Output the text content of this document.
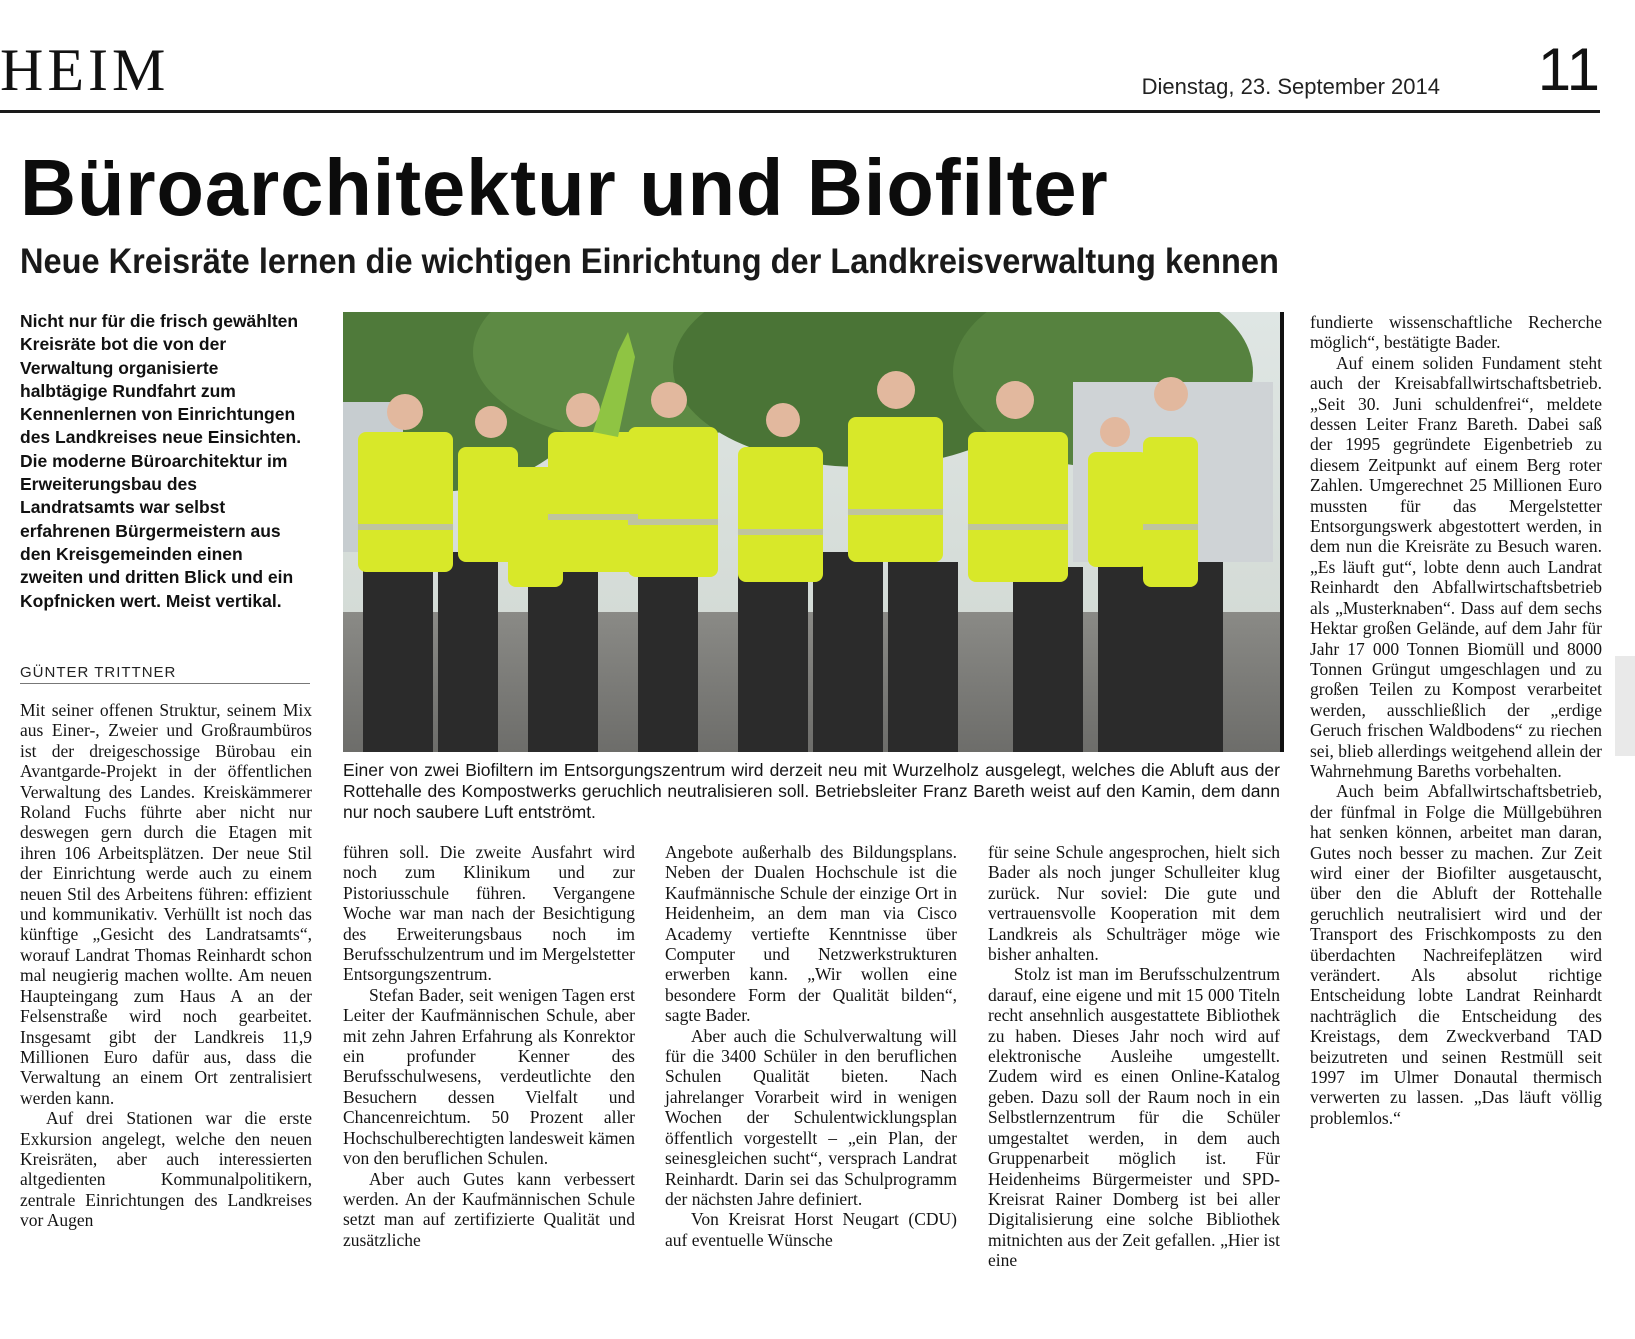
HEIM	Dienstag, 23. September 2014 11
Büroarchitektur und Biofilter
Neue Kreisräte lernen die wichtigen Einrichtung der Landkreisverwaltung kennen

Nicht nur für die frisch gewählten Kreisräte bot die von der Verwaltung organisierte halbtägige Rundfahrt zum Kennenlernen von Einrichtungen des Landkreises neue Einsichten. Die moderne Büroarchitektur im Erweiterungsbau des Landratsamts war selbst erfahrenen Bürgermeistern aus den Kreisgemeinden einen zweiten und dritten Blick und ein Kopfnicken wert. Meist vertikal.

GÜNTER TRITTNER

Einer von zwei Biofiltern im Entsorgungszentrum wird derzeit neu mit Wurzelholz ausgelegt, welches die Abluft aus der Rottehalle des Kompostwerks geruchlich neutralisieren soll. Betriebsleiter Franz Bareth weist auf den Kamin, dem dann nur noch saubere Luft entströmt.

Mit seiner offenen Struktur, seinem Mix aus Einer-, Zweier und Großraumbüros ist der dreigeschossige Bürobau ein Avantgarde-Projekt in der öffentlichen Verwaltung des Landes. Kreiskämmerer Roland Fuchs führte aber nicht nur deswegen gern durch die Etagen mit ihren 106 Arbeitsplätzen. Der neue Stil der Einrichtung werde auch zu einem neuen Stil des Arbeitens führen: effizient und kommunikativ. Verhüllt ist noch das künftige „Gesicht des Landratsamts“, worauf Landrat Thomas Reinhardt schon mal neugierig machen wollte. Am neuen Haupteingang zum Haus A an der Felsenstraße wird noch gearbeitet. Insgesamt gibt der Landkreis 11,9 Millionen Euro dafür aus, dass die Verwaltung an einem Ort zentralisiert werden kann.

Auf drei Stationen war die erste Exkursion angelegt, welche den neuen Kreisräten, aber auch interessierten altgedienten Kommunalpolitikern, zentrale Einrichtungen des Landkreises vor Augen

führen soll. Die zweite Ausfahrt wird noch zum Klinikum und zur Pistoriusschule führen. Vergangene Woche war man nach der Besichtigung des Erweiterungsbaus noch im Berufsschulzentrum und im Mergelstetter Entsorgungszentrum.

Stefan Bader, seit wenigen Tagen erst Leiter der Kaufmännischen Schule, aber mit zehn Jahren Erfahrung als Konrektor ein profunder Kenner des Berufsschulwesens, verdeutlichte den Besuchern dessen Vielfalt und Chancenreichtum. 50 Prozent aller Hochschulberechtigten landesweit kämen von den beruflichen Schulen.

Aber auch Gutes kann verbessert werden. An der Kaufmännischen Schule setzt man auf zertifizierte Qualität und zusätzliche

Angebote außerhalb des Bildungsplans. Neben der Dualen Hochschule ist die Kaufmännische Schule der einzige Ort in Heidenheim, an dem man via Cisco Academy vertiefte Kenntnisse über Computer und Netzwerkstrukturen erwerben kann. „Wir wollen eine besondere Form der Qualität bilden“, sagte Bader.

Aber auch die Schulverwaltung will für die 3400 Schüler in den beruflichen Schulen Qualität bieten. Nach jahrelanger Vorarbeit wird in wenigen Wochen der Schulentwicklungsplan öffentlich vorgestellt – „ein Plan, der seinesgleichen sucht“, versprach Landrat Reinhardt. Darin sei das Schulprogramm der nächsten Jahre definiert.

Von Kreisrat Horst Neugart (CDU) auf eventuelle Wünsche

für seine Schule angesprochen, hielt sich Bader als noch junger Schulleiter klug zurück. Nur soviel: Die gute und vertrauensvolle Kooperation mit dem Landkreis als Schulträger möge wie bisher anhalten.

Stolz ist man im Berufsschulzentrum darauf, eine eigene und mit 15 000 Titeln recht ansehnlich ausgestattete Bibliothek zu haben. Dieses Jahr noch wird auf elektronische Ausleihe umgestellt. Zudem wird es einen Online-Katalog geben. Dazu soll der Raum noch in ein Selbstlernzentrum für die Schüler umgestaltet werden, in dem auch Gruppenarbeit möglich ist. Für Heidenheims Bürgermeister und SPD-Kreisrat Rainer Domberg ist bei aller Digitalisierung eine solche Bibliothek mitnichten aus der Zeit gefallen. „Hier ist eine

fundierte wissenschaftliche Recherche möglich“, bestätigte Bader.

Auf einem soliden Fundament steht auch der Kreisabfallwirtschaftsbetrieb. „Seit 30. Juni schuldenfrei“, meldete dessen Leiter Franz Bareth. Dabei saß der 1995 gegründete Eigenbetrieb zu diesem Zeitpunkt auf einem Berg roter Zahlen. Umgerechnet 25 Millionen Euro mussten für das Mergelstetter Entsorgungswerk abgestottert werden, in dem nun die Kreisräte zu Besuch waren. „Es läuft gut“, lobte denn auch Landrat Reinhardt den Abfallwirtschaftsbetrieb als „Musterknaben“. Dass auf dem sechs Hektar großen Gelände, auf dem Jahr für Jahr 17 000 Tonnen Biomüll und 8000 Tonnen Grüngut umgeschlagen und zu großen Teilen zu Kompost verarbeitet werden, ausschließlich der „erdige Geruch frischen Waldbodens“ zu riechen sei, blieb allerdings weitgehend allein der Wahrnehmung Bareths vorbehalten.

Auch beim Abfallwirtschaftsbetrieb, der fünfmal in Folge die Müllgebühren hat senken können, arbeitet man daran, Gutes noch besser zu machen. Zur Zeit wird einer der Biofilter ausgetauscht, über den die Abluft der Rottehalle geruchlich neutralisiert wird und der Transport des Frischkomposts zu den überdachten Nachreifeplätzen wird verändert. Als absolut richtige Entscheidung lobte Landrat Reinhardt nachträglich die Entscheidung des Kreistags, dem Zweckverband TAD beizutreten und seinen Restmüll seit 1997 im Ulmer Donautal thermisch verwerten zu lassen. „Das läuft völlig problemlos.“
